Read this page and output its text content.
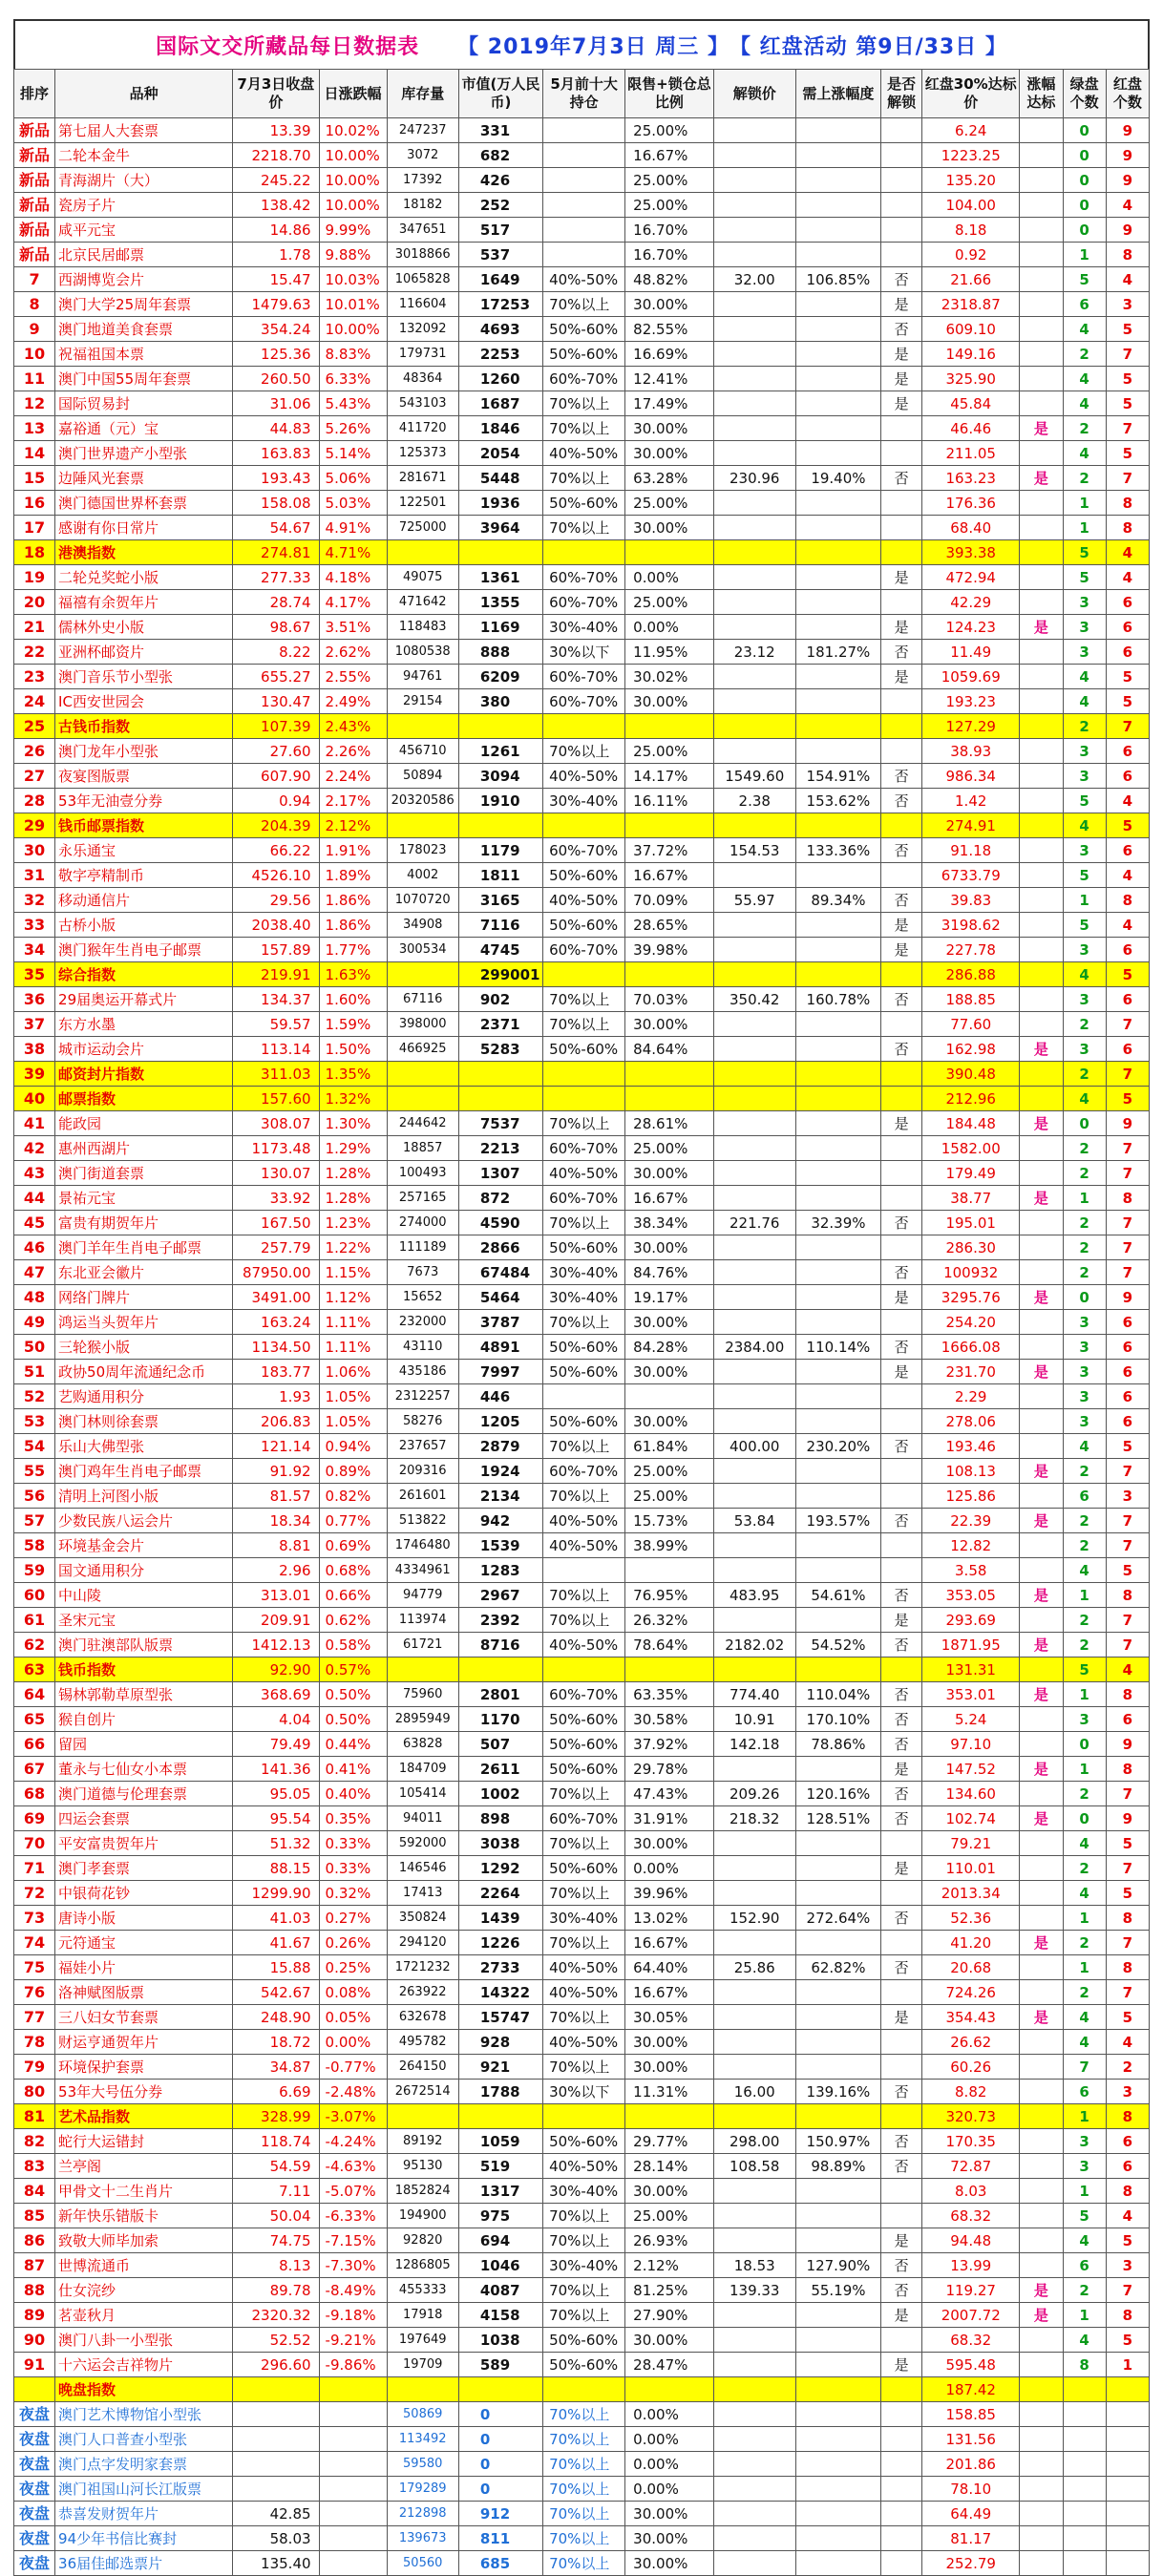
国际文交所藏品每日数据表 【 2019年7月3日 周三 】 【 红盘活动 第9日/33日 】
排序	品种	7月3日收盘价	日涨跌幅	库存量	市值(万人民币)	5月前十大持仓	限售+锁仓总比例	解锁价	需上涨幅度	是否解锁	红盘30%达标价	涨幅达标	绿盘个数	红盘个数
新品	第七届人大套票	13.39	10.02%	247237	331		25.00%				6.24		0	9
新品	二轮本金牛	2218.70	10.00%	3072	682		16.67%				1223.25		0	9
新品	青海湖片（大）	245.22	10.00%	17392	426		25.00%				135.20		0	9
新品	瓷房子片	138.42	10.00%	18182	252		25.00%				104.00		0	4
新品	咸平元宝	14.86	9.99%	347651	517		16.70%				8.18		0	9
新品	北京民居邮票	1.78	9.88%	3018866	537		16.70%				0.92		1	8
7	西湖博览会片	15.47	10.03%	1065828	1649	40%-50%	48.82%	32.00	106.85%	否	21.66		5	4
8	澳门大学25周年套票	1479.63	10.01%	116604	17253	70%以上	30.00%			是	2318.87		6	3
9	澳门地道美食套票	354.24	10.00%	132092	4693	50%-60%	82.55%			否	609.10		4	5
10	祝福祖国本票	125.36	8.83%	179731	2253	50%-60%	16.69%			是	149.16		2	7
11	澳门中国55周年套票	260.50	6.33%	48364	1260	60%-70%	12.41%			是	325.90		4	5
12	国际贸易封	31.06	5.43%	543103	1687	70%以上	17.49%			是	45.84		4	5
13	嘉裕通（元）宝	44.83	5.26%	411720	1846	70%以上	30.00%				46.46	是	2	7
14	澳门世界遗产小型张	163.83	5.14%	125373	2054	40%-50%	30.00%				211.05		4	5
15	边陲风光套票	193.43	5.06%	281671	5448	70%以上	63.28%	230.96	19.40%	否	163.23	是	2	7
16	澳门德国世界杯套票	158.08	5.03%	122501	1936	50%-60%	25.00%				176.36		1	8
17	感谢有你日常片	54.67	4.91%	725000	3964	70%以上	30.00%				68.40		1	8
18	港澳指数	274.81	4.71%								393.38		5	4
19	二轮兑奖蛇小版	277.33	4.18%	49075	1361	60%-70%	0.00%			是	472.94		5	4
20	福禧有余贺年片	28.74	4.17%	471642	1355	60%-70%	25.00%				42.29		3	6
21	儒林外史小版	98.67	3.51%	118483	1169	30%-40%	0.00%			是	124.23	是	3	6
22	亚洲杯邮资片	8.22	2.62%	1080538	888	30%以下	11.95%	23.12	181.27%	否	11.49		3	6
23	澳门音乐节小型张	655.27	2.55%	94761	6209	60%-70%	30.02%			是	1059.69		4	5
24	IC西安世园会	130.47	2.49%	29154	380	60%-70%	30.00%				193.23		4	5
25	古钱币指数	107.39	2.43%								127.29		2	7
26	澳门龙年小型张	27.60	2.26%	456710	1261	70%以上	25.00%				38.93		3	6
27	夜宴图版票	607.90	2.24%	50894	3094	40%-50%	14.17%	1549.60	154.91%	否	986.34		3	6
28	53年无油壹分券	0.94	2.17%	20320586	1910	30%-40%	16.11%	2.38	153.62%	否	1.42		5	4
29	钱币邮票指数	204.39	2.12%								274.91		4	5
30	永乐通宝	66.22	1.91%	178023	1179	60%-70%	37.72%	154.53	133.36%	否	91.18		3	6
31	敬字亭精制币	4526.10	1.89%	4002	1811	50%-60%	16.67%				6733.79		5	4
32	移动通信片	29.56	1.86%	1070720	3165	40%-50%	70.09%	55.97	89.34%	否	39.83		1	8
33	古桥小版	2038.40	1.86%	34908	7116	50%-60%	28.65%			是	3198.62		5	4
34	澳门猴年生肖电子邮票	157.89	1.77%	300534	4745	60%-70%	39.98%			是	227.78		3	6
35	综合指数	219.91	1.63%		299001						286.88		4	5
36	29届奥运开幕式片	134.37	1.60%	67116	902	70%以上	70.03%	350.42	160.78%	否	188.85		3	6
37	东方水墨	59.57	1.59%	398000	2371	70%以上	30.00%				77.60		2	7
38	城市运动会片	113.14	1.50%	466925	5283	50%-60%	84.64%			否	162.98	是	3	6
39	邮资封片指数	311.03	1.35%								390.48		2	7
40	邮票指数	157.60	1.32%								212.96		4	5
41	能政园	308.07	1.30%	244642	7537	70%以上	28.61%			是	184.48	是	0	9
42	惠州西湖片	1173.48	1.29%	18857	2213	60%-70%	25.00%				1582.00		2	7
43	澳门街道套票	130.07	1.28%	100493	1307	40%-50%	30.00%				179.49		2	7
44	景祐元宝	33.92	1.28%	257165	872	60%-70%	16.67%				38.77	是	1	8
45	富贵有期贺年片	167.50	1.23%	274000	4590	70%以上	38.34%	221.76	32.39%	否	195.01		2	7
46	澳门羊年生肖电子邮票	257.79	1.22%	111189	2866	50%-60%	30.00%				286.30		2	7
47	东北亚会徽片	87950.00	1.15%	7673	67484	30%-40%	84.76%			否	100932		2	7
48	网络门牌片	3491.00	1.12%	15652	5464	30%-40%	19.17%			是	3295.76	是	0	9
49	鸿运当头贺年片	163.24	1.11%	232000	3787	70%以上	30.00%				254.20		3	6
50	三轮猴小版	1134.50	1.11%	43110	4891	50%-60%	84.28%	2384.00	110.14%	否	1666.08		3	6
51	政协50周年流通纪念币	183.77	1.06%	435186	7997	50%-60%	30.00%			是	231.70	是	3	6
52	艺购通用积分	1.93	1.05%	2312257	446						2.29		3	6
53	澳门林则徐套票	206.83	1.05%	58276	1205	50%-60%	30.00%				278.06		3	6
54	乐山大佛型张	121.14	0.94%	237657	2879	70%以上	61.84%	400.00	230.20%	否	193.46		4	5
55	澳门鸡年生肖电子邮票	91.92	0.89%	209316	1924	60%-70%	25.00%				108.13	是	2	7
56	清明上河图小版	81.57	0.82%	261601	2134	70%以上	25.00%				125.86		6	3
57	少数民族八运会片	18.34	0.77%	513822	942	40%-50%	15.73%	53.84	193.57%	否	22.39	是	2	7
58	环境基金会片	8.81	0.69%	1746480	1539	40%-50%	38.99%				12.82		2	7
59	国文通用积分	2.96	0.68%	4334961	1283						3.58		4	5
60	中山陵	313.01	0.66%	94779	2967	70%以上	76.95%	483.95	54.61%	否	353.05	是	1	8
61	圣宋元宝	209.91	0.62%	113974	2392	70%以上	26.32%			是	293.69		2	7
62	澳门驻澳部队版票	1412.13	0.58%	61721	8716	40%-50%	78.64%	2182.02	54.52%	否	1871.95	是	2	7
63	钱币指数	92.90	0.57%								131.31		5	4
64	锡林郭勒草原型张	368.69	0.50%	75960	2801	60%-70%	63.35%	774.40	110.04%	否	353.01	是	1	8
65	猴自创片	4.04	0.50%	2895949	1170	50%-60%	30.58%	10.91	170.10%	否	5.24		3	6
66	留园	79.49	0.44%	63828	507	50%-60%	37.92%	142.18	78.86%	否	97.10		0	9
67	董永与七仙女小本票	141.36	0.41%	184709	2611	50%-60%	29.78%			是	147.52	是	1	8
68	澳门道德与伦理套票	95.05	0.40%	105414	1002	70%以上	47.43%	209.26	120.16%	否	134.60		2	7
69	四运会套票	95.54	0.35%	94011	898	60%-70%	31.91%	218.32	128.51%	否	102.74	是	0	9
70	平安富贵贺年片	51.32	0.33%	592000	3038	70%以上	30.00%				79.21		4	5
71	澳门孝套票	88.15	0.33%	146546	1292	50%-60%	0.00%			是	110.01		2	7
72	中银荷花钞	1299.90	0.32%	17413	2264	70%以上	39.96%				2013.34		4	5
73	唐诗小版	41.03	0.27%	350824	1439	30%-40%	13.02%	152.90	272.64%	否	52.36		1	8
74	元符通宝	41.67	0.26%	294120	1226	70%以上	16.67%				41.20	是	2	7
75	福娃小片	15.88	0.25%	1721232	2733	40%-50%	64.40%	25.86	62.82%	否	20.68		1	8
76	洛神赋图版票	542.67	0.08%	263922	14322	40%-50%	16.67%				724.26		2	7
77	三八妇女节套票	248.90	0.05%	632678	15747	70%以上	30.05%			是	354.43	是	4	5
78	财运亨通贺年片	18.72	0.00%	495782	928	40%-50%	30.00%				26.62		4	4
79	环境保护套票	34.87	-0.77%	264150	921	70%以上	30.00%				60.26		7	2
80	53年大号伍分券	6.69	-2.48%	2672514	1788	30%以下	11.31%	16.00	139.16%	否	8.82		6	3
81	艺术品指数	328.99	-3.07%								320.73		1	8
82	蛇行大运错封	118.74	-4.24%	89192	1059	50%-60%	29.77%	298.00	150.97%	否	170.35		3	6
83	兰亭阁	54.59	-4.63%	95130	519	40%-50%	28.14%	108.58	98.89%	否	72.87		3	6
84	甲骨文十二生肖片	7.11	-5.07%	1852824	1317	30%-40%	30.00%				8.03		1	8
85	新年快乐错版卡	50.04	-6.33%	194900	975	70%以上	25.00%				68.32		5	4
86	致敬大师毕加索	74.75	-7.15%	92820	694	70%以上	26.93%			是	94.48		4	5
87	世博流通币	8.13	-7.30%	1286805	1046	30%-40%	2.12%	18.53	127.90%	否	13.99		6	3
88	仕女浣纱	89.78	-8.49%	455333	4087	70%以上	81.25%	139.33	55.19%	否	119.27	是	2	7
89	茗壶秋月	2320.32	-9.18%	17918	4158	70%以上	27.90%			是	2007.72	是	1	8
90	澳门八卦一小型张	52.52	-9.21%	197649	1038	50%-60%	30.00%				68.32		4	5
91	十六运会吉祥物片	296.60	-9.86%	19709	589	50%-60%	28.47%			是	595.48		8	1
	晚盘指数										187.42			
夜盘	澳门艺术博物馆小型张			50869	0	70%以上	0.00%				158.85			
夜盘	澳门人口普查小型张			113492	0	70%以上	0.00%				131.56			
夜盘	澳门点字发明家套票			59580	0	70%以上	0.00%				201.86			
夜盘	澳门祖国山河长江版票			179289	0	70%以上	0.00%				78.10			
夜盘	恭喜发财贺年片	42.85		212898	912	70%以上	30.00%				64.49			
夜盘	94少年书信比赛封	58.03		139673	811	70%以上	30.00%				81.17			
夜盘	36届佳邮选票片	135.40		50560	685	70%以上	30.00%				252.79			
